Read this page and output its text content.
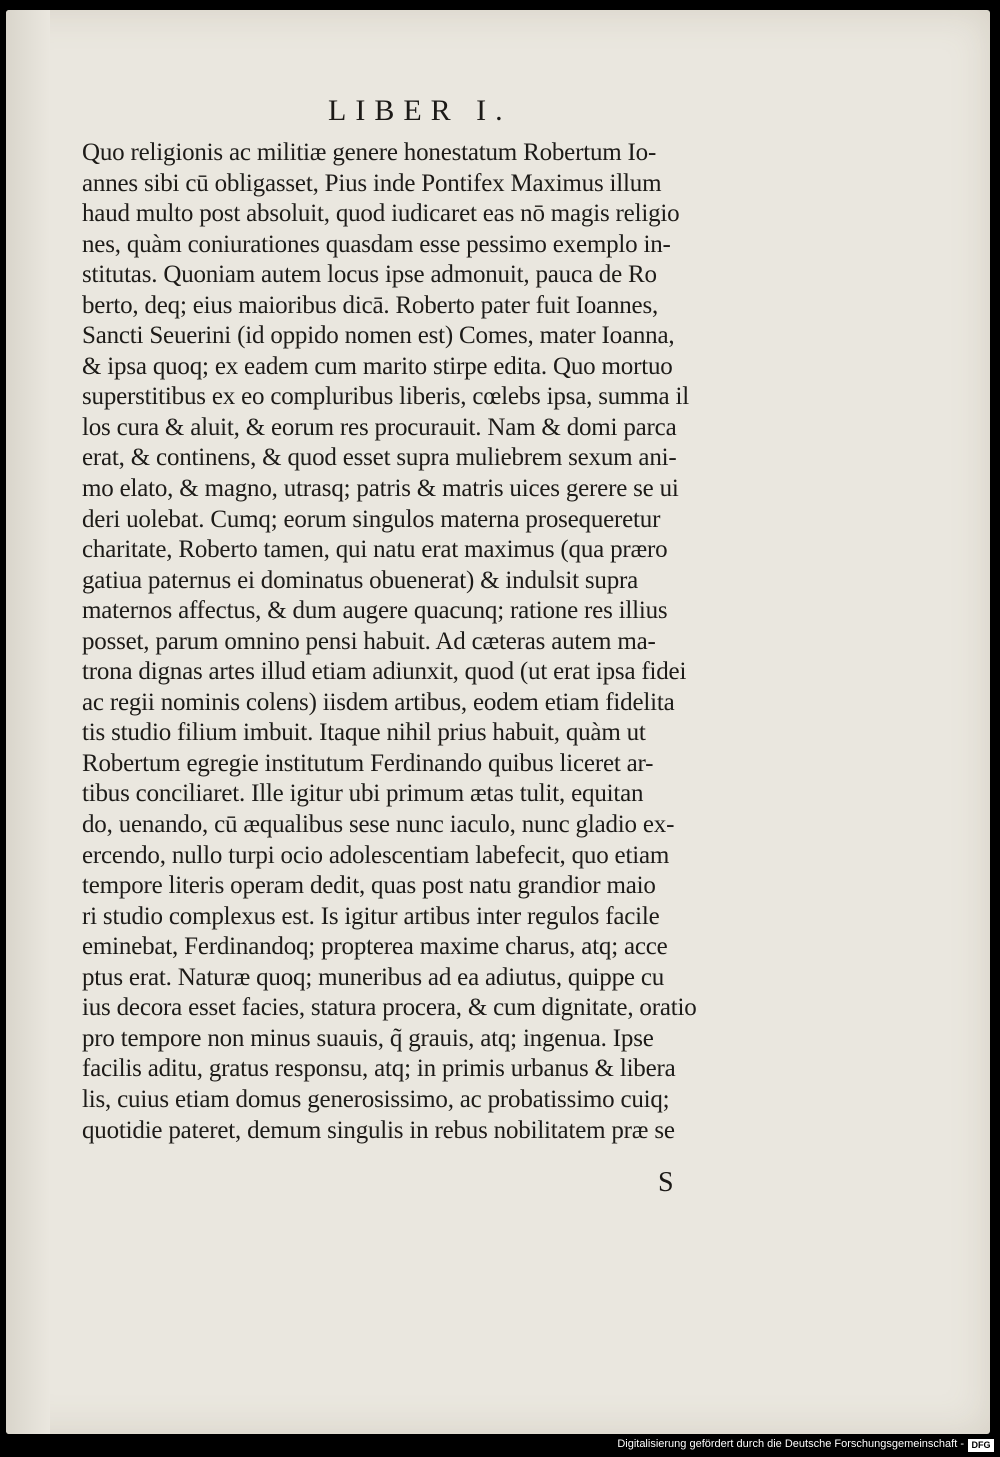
LIBER I.
Quo religionis ac militiæ genere honestatum Robertum Io-
annes sibi cū obligasset, Pius inde Pontifex Maximus illum
haud multo post absoluit, quod iudicaret eas nō magis religio
nes, quàm coniurationes quasdam esse pessimo exemplo in-
stitutas. Quoniam autem locus ipse admonuit, pauca de Ro
berto, deq; eius maioribus dicā. Roberto pater fuit Ioannes,
Sancti Seuerini (id oppido nomen est) Comes, mater Ioanna,
& ipsa quoq; ex eadem cum marito stirpe edita. Quo mortuo
superstitibus ex eo compluribus liberis, cœlebs ipsa, summa il
los cura & aluit, & eorum res procurauit. Nam & domi parca
erat, & continens, & quod esset supra muliebrem sexum ani-
mo elato, & magno, utrasq; patris & matris uices gerere se ui
deri uolebat. Cumq; eorum singulos materna prosequeretur
charitate, Roberto tamen, qui natu erat maximus (qua prærο
gatiua paternus ei dominatus obuenerat) & indulsit supra
maternos affectus, & dum augere quacunq; ratione res illius
posset, parum omnino pensi habuit. Ad cæteras autem ma-
trona dignas artes illud etiam adiunxit, quod (ut erat ipsa fidei
ac regii nominis colens) iisdem artibus, eodem etiam fidelita
tis studio filium imbuit. Itaque nihil prius habuit, quàm ut
Robertum egregie institutum Ferdinando quibus liceret ar-
tibus conciliaret. Ille igitur ubi primum ætas tulit, equitan
do, uenando, cū æqualibus sese nunc iaculo, nunc gladio ex-
ercendo, nullo turpi ocio adolescentiam labefecit, quo etiam
tempore literis operam dedit, quas post natu grandior maio
ri studio complexus est. Is igitur artibus inter regulos facile
eminebat, Ferdinandoq; propterea maxime charus, atq; acce
ptus erat. Naturæ quoq; muneribus ad ea adiutus, quippe cu
ius decora esset facies, statura procera, & cum dignitate, oratio
pro tempore non minus suauis, q̃ grauis, atq; ingenua. Ipse
facilis aditu, gratus responsu, atq; in primis urbanus & libera
lis, cuius etiam domus generosissimo, ac probatissimo cuiq;
quotidie pateret, demum singulis in rebus nobilitatem præ se
S
Digitalisierung gefördert durch die Deutsche Forschungsgemeinschaft - DFG
